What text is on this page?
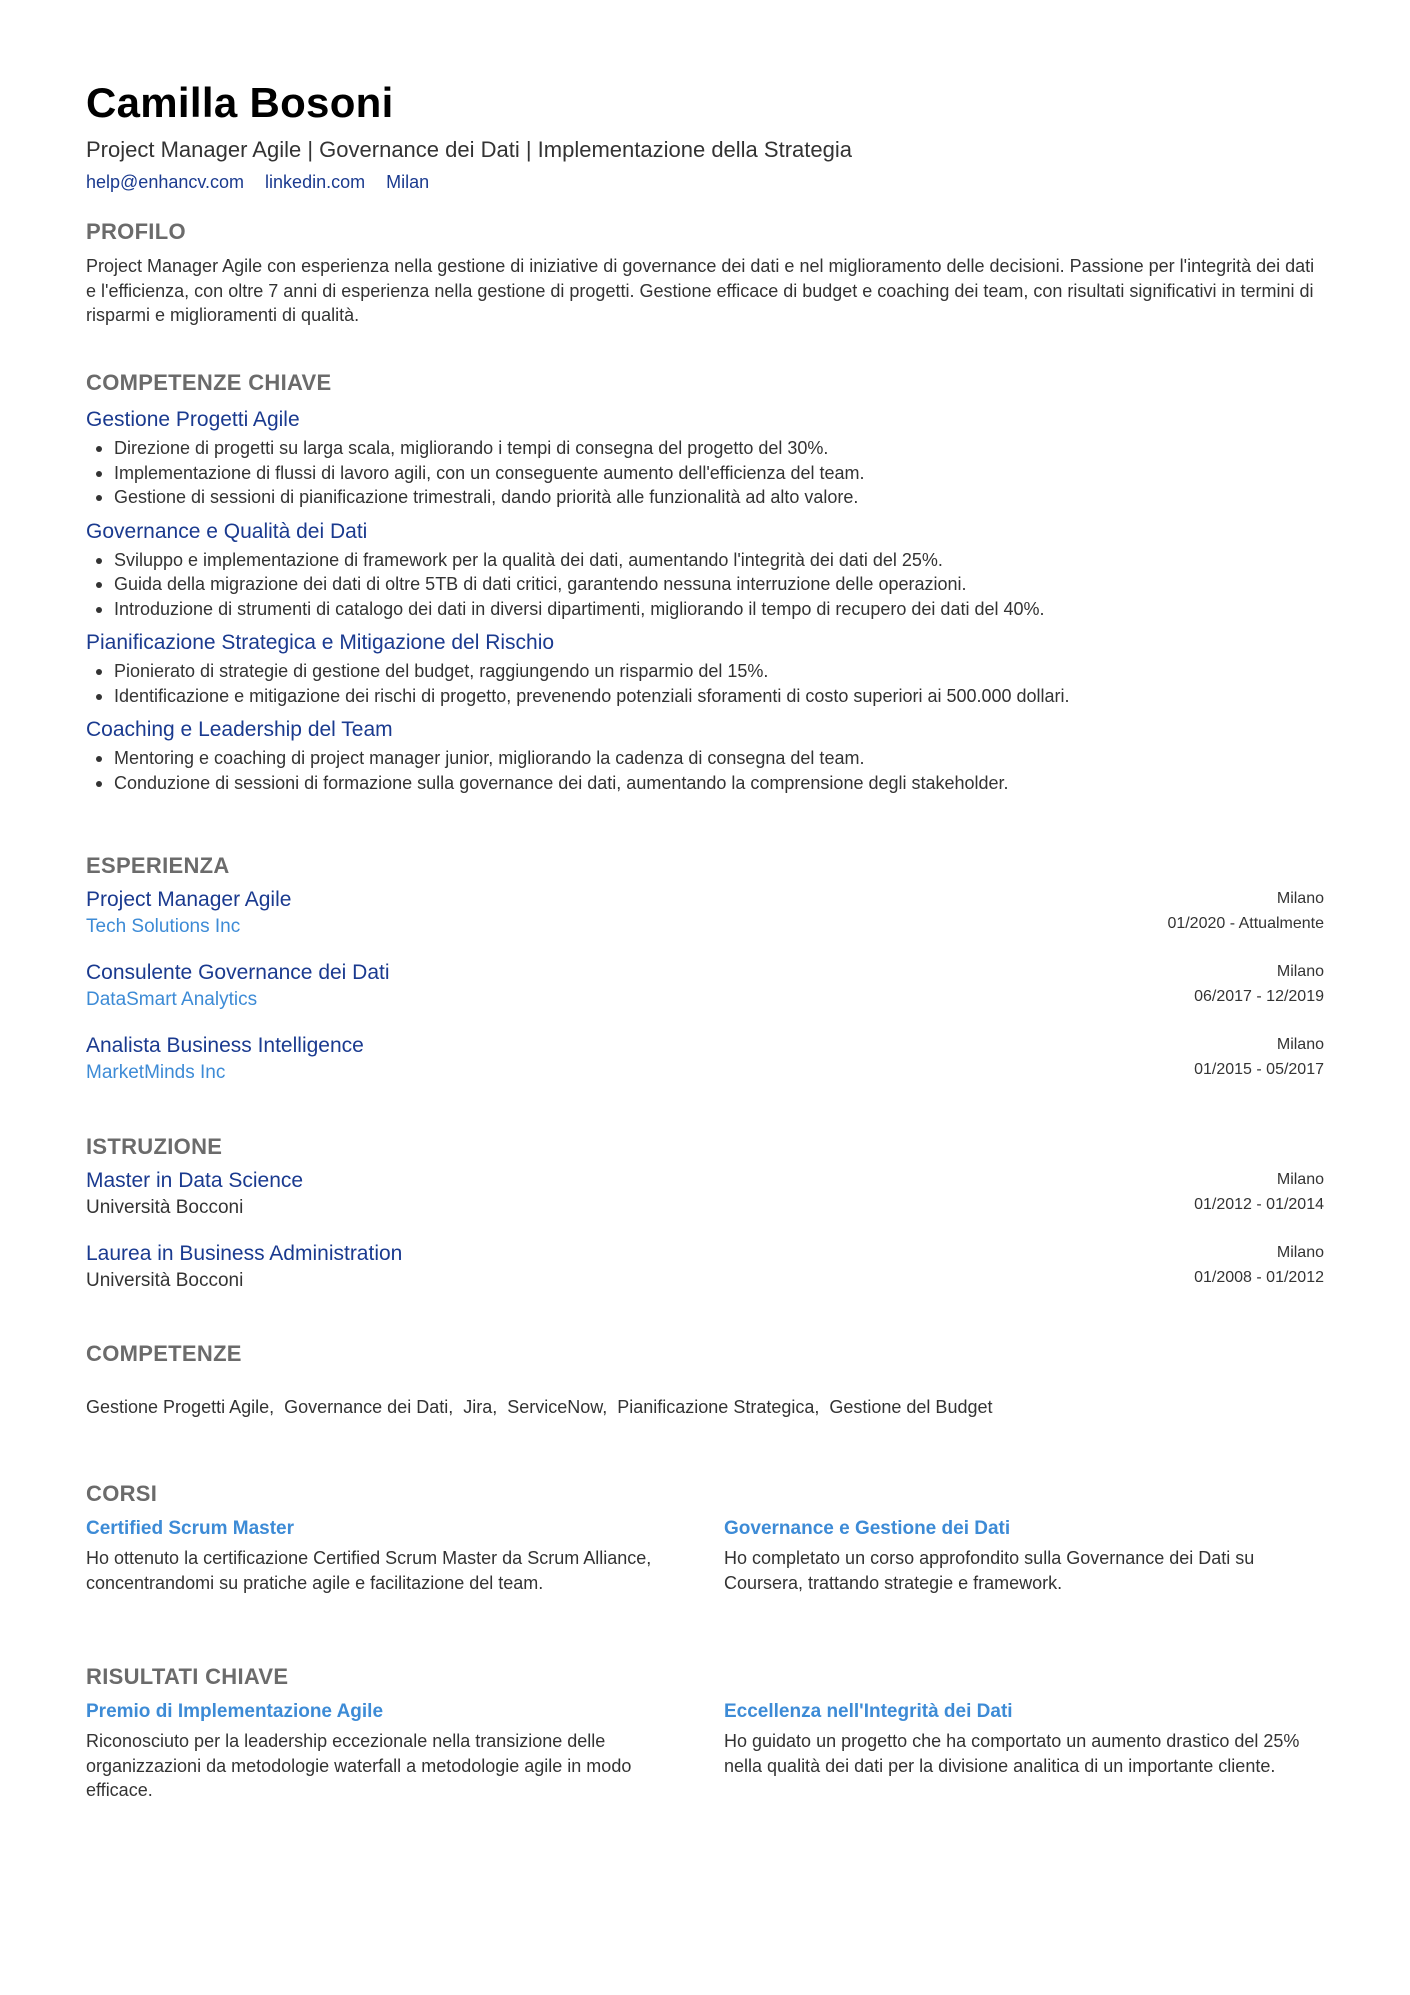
Camilla Bosoni
Project Manager Agile | Governance dei Dati | Implementazione della Strategia
help@enhancv.com linkedin.com Milan
PROFILO
Project Manager Agile con esperienza nella gestione di iniziative di governance dei dati e nel miglioramento delle decisioni. Passione per l'integrità dei dati e l'efficienza, con oltre 7 anni di esperienza nella gestione di progetti. Gestione efficace di budget e coaching dei team, con risultati significativi in termini di risparmi e miglioramenti di qualità.
COMPETENZE CHIAVE
Gestione Progetti Agile
Direzione di progetti su larga scala, migliorando i tempi di consegna del progetto del 30%.
Implementazione di flussi di lavoro agili, con un conseguente aumento dell'efficienza del team.
Gestione di sessioni di pianificazione trimestrali, dando priorità alle funzionalità ad alto valore.
Governance e Qualità dei Dati
Sviluppo e implementazione di framework per la qualità dei dati, aumentando l'integrità dei dati del 25%.
Guida della migrazione dei dati di oltre 5TB di dati critici, garantendo nessuna interruzione delle operazioni.
Introduzione di strumenti di catalogo dei dati in diversi dipartimenti, migliorando il tempo di recupero dei dati del 40%.
Pianificazione Strategica e Mitigazione del Rischio
Pionierato di strategie di gestione del budget, raggiungendo un risparmio del 15%.
Identificazione e mitigazione dei rischi di progetto, prevenendo potenziali sforamenti di costo superiori ai 500.000 dollari.
Coaching e Leadership del Team
Mentoring e coaching di project manager junior, migliorando la cadenza di consegna del team.
Conduzione di sessioni di formazione sulla governance dei dati, aumentando la comprensione degli stakeholder.
ESPERIENZA
Project Manager Agile
Tech Solutions Inc
Milano
01/2020 - Attualmente
Consulente Governance dei Dati
DataSmart Analytics
Milano
06/2017 - 12/2019
Analista Business Intelligence
MarketMinds Inc
Milano
01/2015 - 05/2017
ISTRUZIONE
Master in Data Science
Università Bocconi
Milano
01/2012 - 01/2014
Laurea in Business Administration
Università Bocconi
Milano
01/2008 - 01/2012
COMPETENZE
Gestione Progetti Agile,  Governance dei Dati,  Jira,  ServiceNow,  Pianificazione Strategica,  Gestione del Budget
CORSI
Certified Scrum Master
Ho ottenuto la certificazione Certified Scrum Master da Scrum Alliance, concentrandomi su pratiche agile e facilitazione del team.
Governance e Gestione dei Dati
Ho completato un corso approfondito sulla Governance dei Dati su Coursera, trattando strategie e framework.
RISULTATI CHIAVE
Premio di Implementazione Agile
Riconosciuto per la leadership eccezionale nella transizione delle organizzazioni da metodologie waterfall a metodologie agile in modo efficace.
Eccellenza nell'Integrità dei Dati
Ho guidato un progetto che ha comportato un aumento drastico del 25% nella qualità dei dati per la divisione analitica di un importante cliente.
